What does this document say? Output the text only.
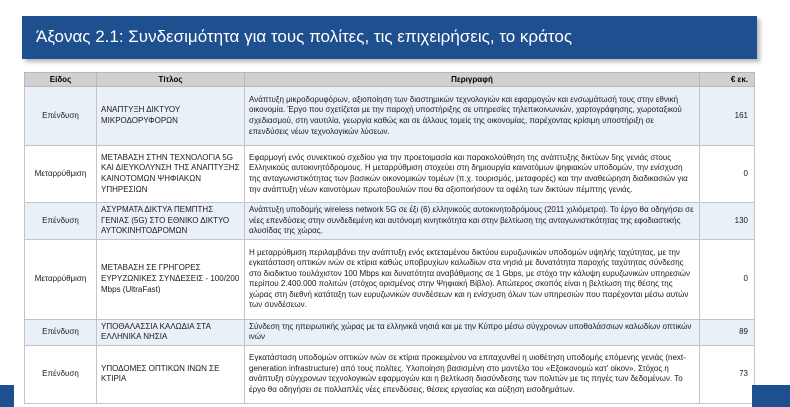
Άξονας 2.1: Συνδεσιμότητα για τους πολίτες, τις επιχειρήσεις, το κράτος
Είδος	Τίτλος	Περιγραφή	€ εκ.
Επένδυση	ΑΝΑΠΤΥΞΗ ΔΙΚΤΥΟΥ ΜΙΚΡΟΔΟΡΥΦΟΡΩΝ	Ανάπτυξη μικροδορυφόρων, αξιοποίηση των διαστημικών τεχνολογιών και εφαρμογών και ενσωμάτωσή τους στην εθνική οικονομία. Έργο που σχετίζεται με την παροχή υποστήριξης σε υπηρεσίες τηλεπικοινωνιών, χαρτογράφησης, χωροταξικού σχεδιασμού, στη ναυτιλία, γεωργία καθώς και σε άλλους τομείς της οικονομίας, παρέχοντας κρίσιμη υποστήριξη σε επενδύσεις νέων τεχνολογικών λύσεων.	161
Μεταρρύθμιση	ΜΕΤΑΒΑΣΗ ΣΤΗΝ ΤΕΧΝΟΛΟΓΙΑ 5G ΚΑΙ ΔΙΕΥΚΟΛΥΝΣΗ ΤΗΣ ΑΝΑΠΤΥΞΗΣ ΚΑΙΝΟΤΟΜΩΝ ΨΗΦΙΑΚΩΝ ΥΠΗΡΕΣΙΩΝ	Εφαρμογή ενός συνεκτικού σχεδίου για την προετοιμασία και παρακολούθηση της ανάπτυξης δικτύων 5ης γενιάς στους Ελληνικούς αυτοκινητόδρομους. Η μεταρρύθμιση στοχεύει στη δημιουργία καινοτόμων ψηφιακών υποδομών, την ενίσχυση της ανταγωνιστικότητας των βασικών οικονομικών τομέων (π.χ. τουρισμός, μεταφορές) και την αναθεώρηση διαδικασιών για την ανάπτυξη νέων καινοτόμων πρωτοβουλιών που θα αξιοποιήσουν τα οφέλη των δικτύων πέμπτης γενιάς.	0
Επένδυση	ΑΣΥΡΜΑΤΑ ΔΙΚΤΥΑ ΠΕΜΠΤΗΣ ΓΕΝΙΑΣ (5G) ΣΤΟ ΕΘΝΙΚΟ ΔΙΚΤΥΟ ΑΥΤΟΚΙΝΗΤΟΔΡΟΜΩΝ	Ανάπτυξη υποδομής wireless network 5G σε έξι (6) ελληνικούς αυτοκινητοδρόμους (2011 χιλιόμετρα). Το έργο θα οδηγήσει σε νέες επενδύσεις στην συνδεδεμένη και αυτόνομη κινητικότητα και στην βελτίωση της ανταγωνιστικότητας της εφοδιαστικής αλυσίδας της χώρας.	130
Μεταρρύθμιση	ΜΕΤΑΒΑΣΗ ΣΕ ΓΡΗΓΟΡΕΣ ΕΥΡΥΖΩΝΙΚΕΣ ΣΥΝΔΕΣΕΙΣ - 100/200 Mbps (UltraFast)	Η μεταρρύθμιση περιλαμβάνει την ανάπτυξη ενός εκτεταμένου δικτύου ευρυζωνικών υποδομών υψηλής ταχύτητας, με την εγκατάσταση οπτικών ινών σε κτίρια καθώς υποβρυχίων καλωδίων στα νησιά με δυνατότητα παροχής ταχύτητας σύνδεσης στο διαδικτυο τουλάχιστον 100 Mbps και δυνατότητα αναβάθμισης σε 1 Gbps, με στόχο την κάλυψη ευρυζωνικών υπηρεσιών περίπου 2.400.000 πολιτών (στόχος ορισμένος στην Ψηφιακή Βίβλο). Απώτερος σκοπός είναι η βελτίωση της θέσης της χώρας στη διεθνή κατάταξη των ευρυζωνικών συνδέσεων και η ενίσχυση όλων των υπηρεσιών που παρέχονται μέσω αυτών των συνδέσεων.	0
Επένδυση	ΥΠΟΘΑΛΑΣΣΙΑ ΚΑΛΩΔΙΑ ΣΤΑ ΕΛΛΗΝΙΚΑ ΝΗΣΙΑ	Σύνδεση της ηπειρωτικής χώρας με τα ελληνικά νησιά και με την Κύπρο μέσω σύγχρονων υποθαλάσσιων καλωδίων οπτικών ινών	89
Επένδυση	ΥΠΟΔΟΜΕΣ ΟΠΤΙΚΩΝ ΙΝΩΝ ΣΕ ΚΤΙΡΙΑ	Εγκατάσταση υποδομών οπτικών ινών σε κτίρια προκειμένου να επιταχυνθεί η υιοθέτηση υποδομής επόμενης γενιάς (next-generation infrastructure) από τους πολίτες. Υλοποίηση βασισμένη στο μοντέλο του «Εξοικονομώ κατ' οίκον». Στόχος η ανάπτυξη σύγχρονων τεχνολογικών εφαρμογών και η βελτίωση διασύνδεσης των πολιτών με τις πηγές των δεδομένων. Το έργο θα οδηγήσει σε πολλαπλές νέες επενδύσεις, θέσεις εργασίας και αύξηση εισοδημάτων.	73
